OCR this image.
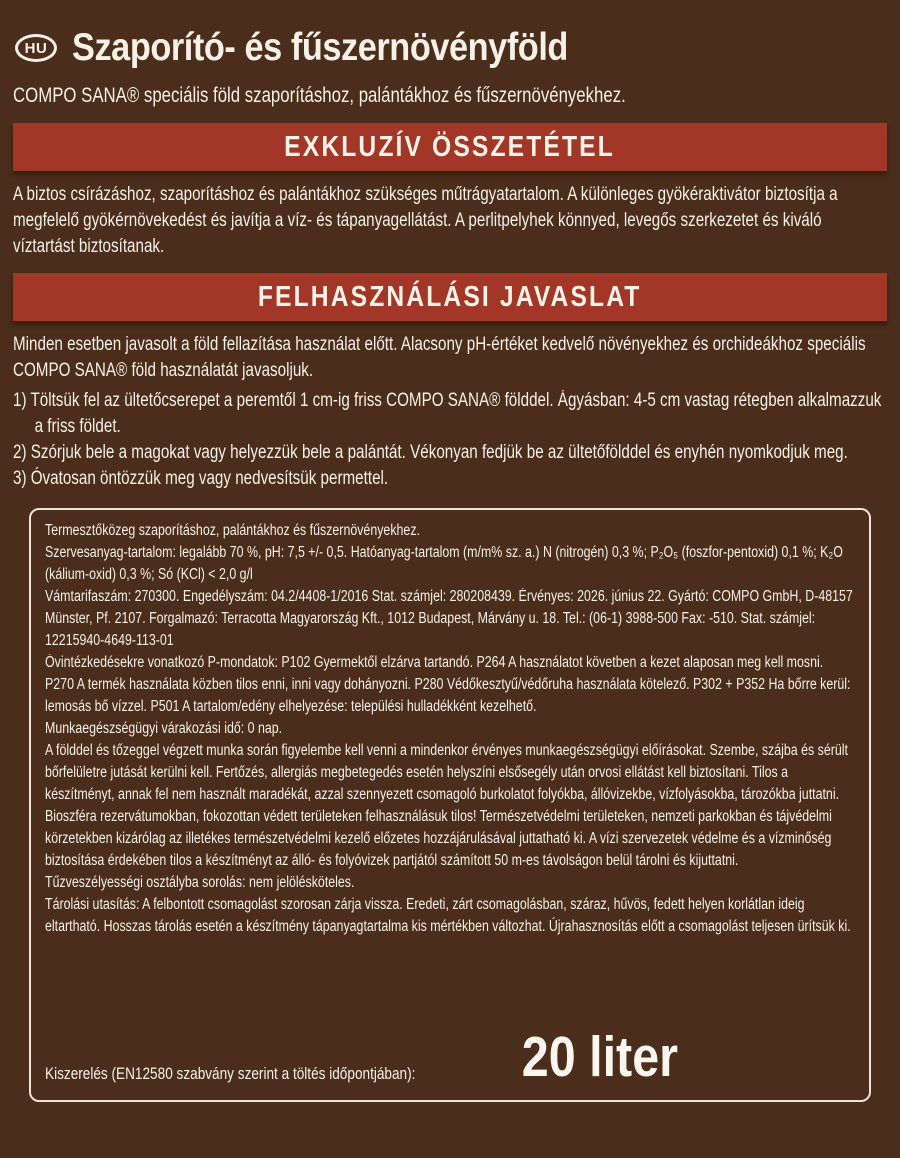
HU Szaporító- és fűszernövényföld
COMPO SANA® speciális föld szaporításhoz, palántákhoz és fűszernövényekhez.
EXKLUZÍV ÖSSZETÉTEL
A biztos csírázáshoz, szaporításhoz és palántákhoz szükséges műtrágyatartalom. A különleges gyökéraktivátor biztosítja a megfelelő gyökérnövekedést és javítja a víz- és tápanyagellátást. A perlitpelyhek könnyed, levegős szerkezetet és kiváló víztartást biztosítanak.
FELHASZNÁLÁSI JAVASLAT
Minden esetben javasolt a föld fellazítása használat előtt. Alacsony pH-értéket kedvelő növényekhez és orchideákhoz speciális COMPO SANA® föld használatát javasoljuk.
1) Töltsük fel az ültetőcserepet a peremtől 1 cm-ig friss COMPO SANA® földdel. Ágyásban: 4-5 cm vastag rétegben alkalmazzuk a friss földet.
2) Szórjuk bele a magokat vagy helyezzük bele a palántát. Vékonyan fedjük be az ültetőfölddel és enyhén nyomkodjuk meg.
3) Óvatosan öntözzük meg vagy nedvesítsük permettel.
Termesztőközeg szaporításhoz, palántákhoz és fűszernövényekhez.
Szervesanyag-tartalom: legalább 70 %, pH: 7,5 +/- 0,5. Hatóanyag-tartalom (m/m% sz. a.) N (nitrogén) 0,3 %; P₂O₅ (foszfor-pentoxid) 0,1 %; K₂O (kálium-oxid) 0,3 %; Só (KCl) < 2,0 g/l
Vámtarifaszám: 270300. Engedélyszám: 04.2/4408-1/2016 Stat. számjel: 280208439. Érvényes: 2026. június 22. Gyártó: COMPO GmbH, D-48157 Münster, Pf. 2107. Forgalmazó: Terracotta Magyarország Kft., 1012 Budapest, Márvány u. 18. Tel.: (06-1) 3988-500 Fax: -510. Stat. számjel: 12215940-4649-113-01
Óvintézkedésekre vonatkozó P-mondatok: P102 Gyermektől elzárva tartandó. P264 A használatot követben a kezet alaposan meg kell mosni. P270 A termék használata közben tilos enni, inni vagy dohányozni. P280 Védőkesztyű/védőruha használata kötelező. P302 + P352 Ha bőrre kerül: lemosás bő vízzel. P501 A tartalom/edény elhelyezése: települési hulladékként kezelhető.
Munkaegészségügyi várakozási idő: 0 nap.
A földdel és tőzeggel végzett munka során figyelembe kell venni a mindenkor érvényes munkaegészségügyi előírásokat. Szembe, szájba és sérült bőrfelületre jutását kerülni kell. Fertőzés, allergiás megbetegedés esetén helyszíni elsősegély után orvosi ellátást kell biztosítani. Tilos a készítményt, annak fel nem használt maradékát, azzal szennyezett csomagoló burkolatot folyókba, állóvizekbe, vízfolyásokba, tározókba juttatni. Bioszféra rezervátumokban, fokozottan védett területeken felhasználásuk tilos! Természetvédelmi területeken, nemzeti parkokban és tájvédelmi körzetekben kizárólag az illetékes természetvédelmi kezelő előzetes hozzájárulásával juttatható ki. A vízi szervezetek védelme és a vízminőség biztosítása érdekében tilos a készítményt az álló- és folyóvizek partjától számított 50 m-es távolságon belül tárolni és kijuttatni.
Tűzveszélyességi osztályba sorolás: nem jelölésköteles.
Tárolási utasítás: A felbontott csomagolást szorosan zárja vissza. Eredeti, zárt csomagolásban, száraz, hűvös, fedett helyen korlátlan ideig eltartható. Hosszas tárolás esetén a készítmény tápanyagtartalma kis mértékben változhat. Újrahasznosítás előtt a csomagolást teljesen ürítsük ki.
Kiszerelés (EN12580 szabvány szerint a töltés időpontjában):	20 liter
